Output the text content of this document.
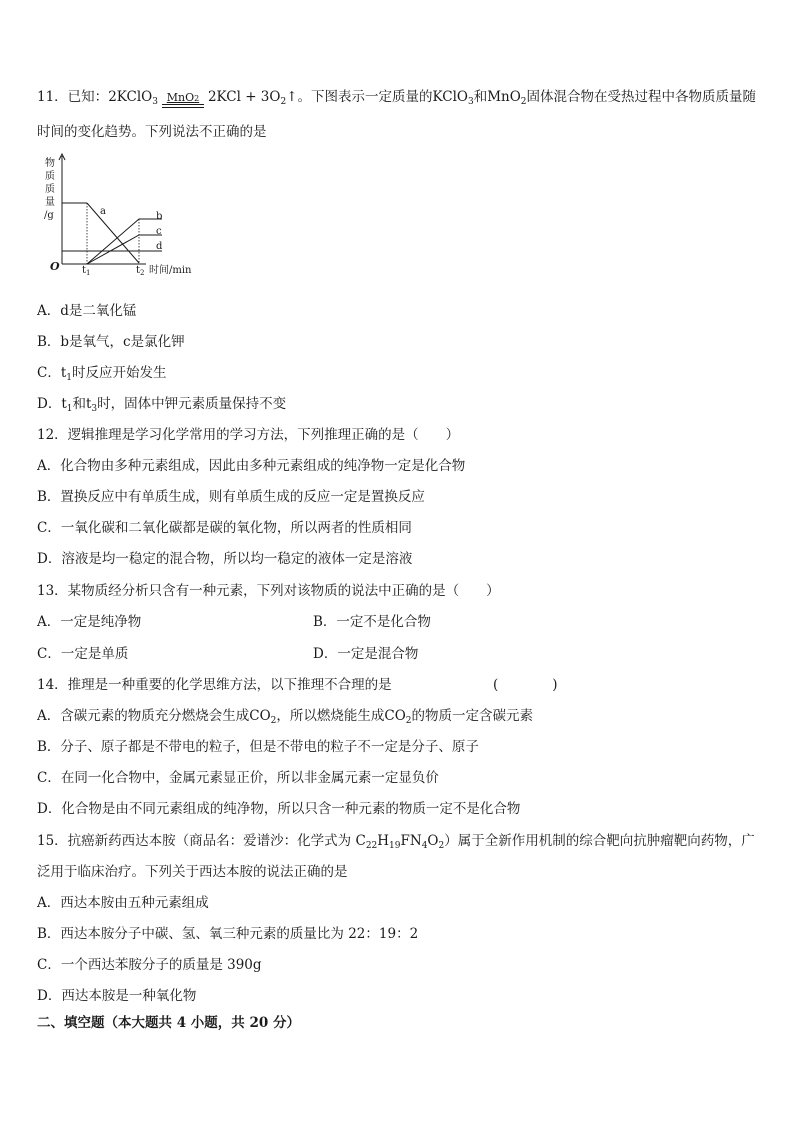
11．已知：2KClO$_3$ MnO2 $2KCl + 3O_2↑$。下图表示一定质量的KClO$_3$和MnO$_2$固体混合物在受热过程中各物质质量随
时间的变化趋势。下列说法不正确的是
物
质
质
量
/g
O	时间/min
$t_1$	$t_2$
a	b
c
d
A．d是二氧化锰
B．b是氧气，c是氯化钾
C．$t_1$时反应开始发生
D．$t_1$和$t_3$时，固体中钾元素质量保持不变
12．逻辑推理是学习化学常用的学习方法，下列推理正确的是（　　）
A．化合物由多种元素组成，因此由多种元素组成的纯净物一定是化合物
B．置换反应中有单质生成，则有单质生成的反应一定是置换反应
C．一氧化碳和二氧化碳都是碳的氧化物，所以两者的性质相同
D．溶液是均一稳定的混合物，所以均一稳定的液体一定是溶液
13．某物质经分析只含有一种元素，下列对该物质的说法中正确的是（　　）
A．一定是纯净物	B．一定不是化合物
C．一定是单质	D．一定是混合物
14．推理是一种重要的化学思维方法，以下推理不合理的是	(　　　　)
A．含碳元素的物质充分燃烧会生成$CO_2$，所以燃烧能生成$CO_2$的物质一定含碳元素
B．分子、原子都是不带电的粒子，但是不带电的粒子不一定是分子、原子
C．在同一化合物中，金属元素显正价，所以非金属元素一定显负价
D．化合物是由不同元素组成的纯净物，所以只含一种元素的物质一定不是化合物
15．抗癌新药西达本胺（商品名：爱谱沙：化学式为 $C_{22}H_{19}FN_4O_2$）属于全新作用机制的综合靶向抗肿瘤靶向药物，广
泛用于临床治疗。下列关于西达本胺的说法正确的是
A．西达本胺由五种元素组成
B．西达本胺分子中碳、氢、氧三种元素的质量比为 22：19：2
C．一个西达苯胺分子的质量是 390g
D．西达本胺是一种氧化物
二、填空题（本大题共 4 小题，共 20 分）
